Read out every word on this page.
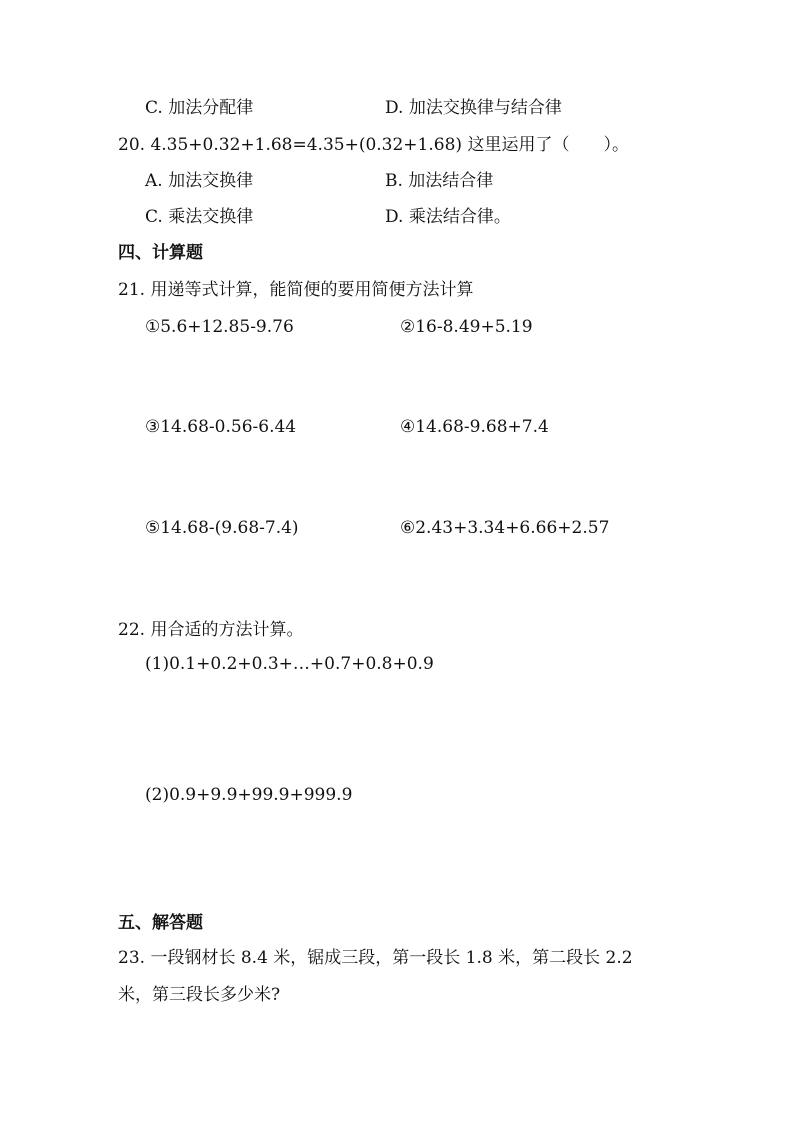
C. 加法分配律	D. 加法交换律与结合律
20. 4.35+0.32+1.68=4.35+(0.32+1.68) 这里运用了（　　）。
A. 加法交换律	B. 加法结合律
C. 乘法交换律	D. 乘法结合律。
四、计算题
21. 用递等式计算，能简便的要用简便方法计算
①5.6+12.85-9.76	②16-8.49+5.19
③14.68-0.56-6.44	④14.68-9.68+7.4
⑤14.68-(9.68-7.4)	⑥2.43+3.34+6.66+2.57
22. 用合适的方法计算。
(1)0.1+0.2+0.3+…+0.7+0.8+0.9
(2)0.9+9.9+99.9+999.9
五、解答题
23. 一段钢材长 8.4 米，锯成三段，第一段长 1.8 米，第二段长 2.2
米，第三段长多少米?
